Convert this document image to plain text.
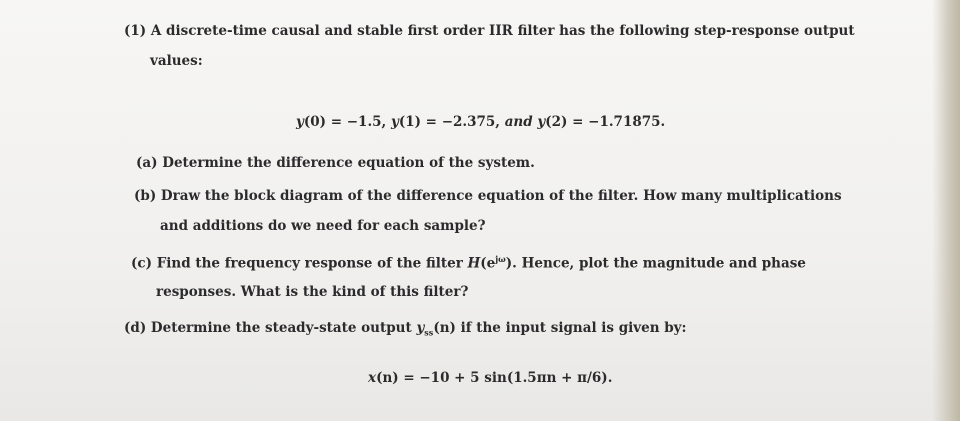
(1) A discrete-time causal and stable first order IIR filter has the following step-response output
values:
y(0) = −1.5, y(1) = −2.375, and y(2) = −1.71875.
(a) Determine the difference equation of the system.
(b) Draw the block diagram of the difference equation of the filter. How many multiplications
and additions do we need for each sample?
(c) Find the frequency response of the filter $H(e^{j\omega})$. Hence, plot the magnitude and phase
responses. What is the kind of this filter?
(d) Determine the steady-state output $y_{ss}(n)$ if the input signal is given by:
x(n) = −10 + 5 sin(1.5πn + π/6).
